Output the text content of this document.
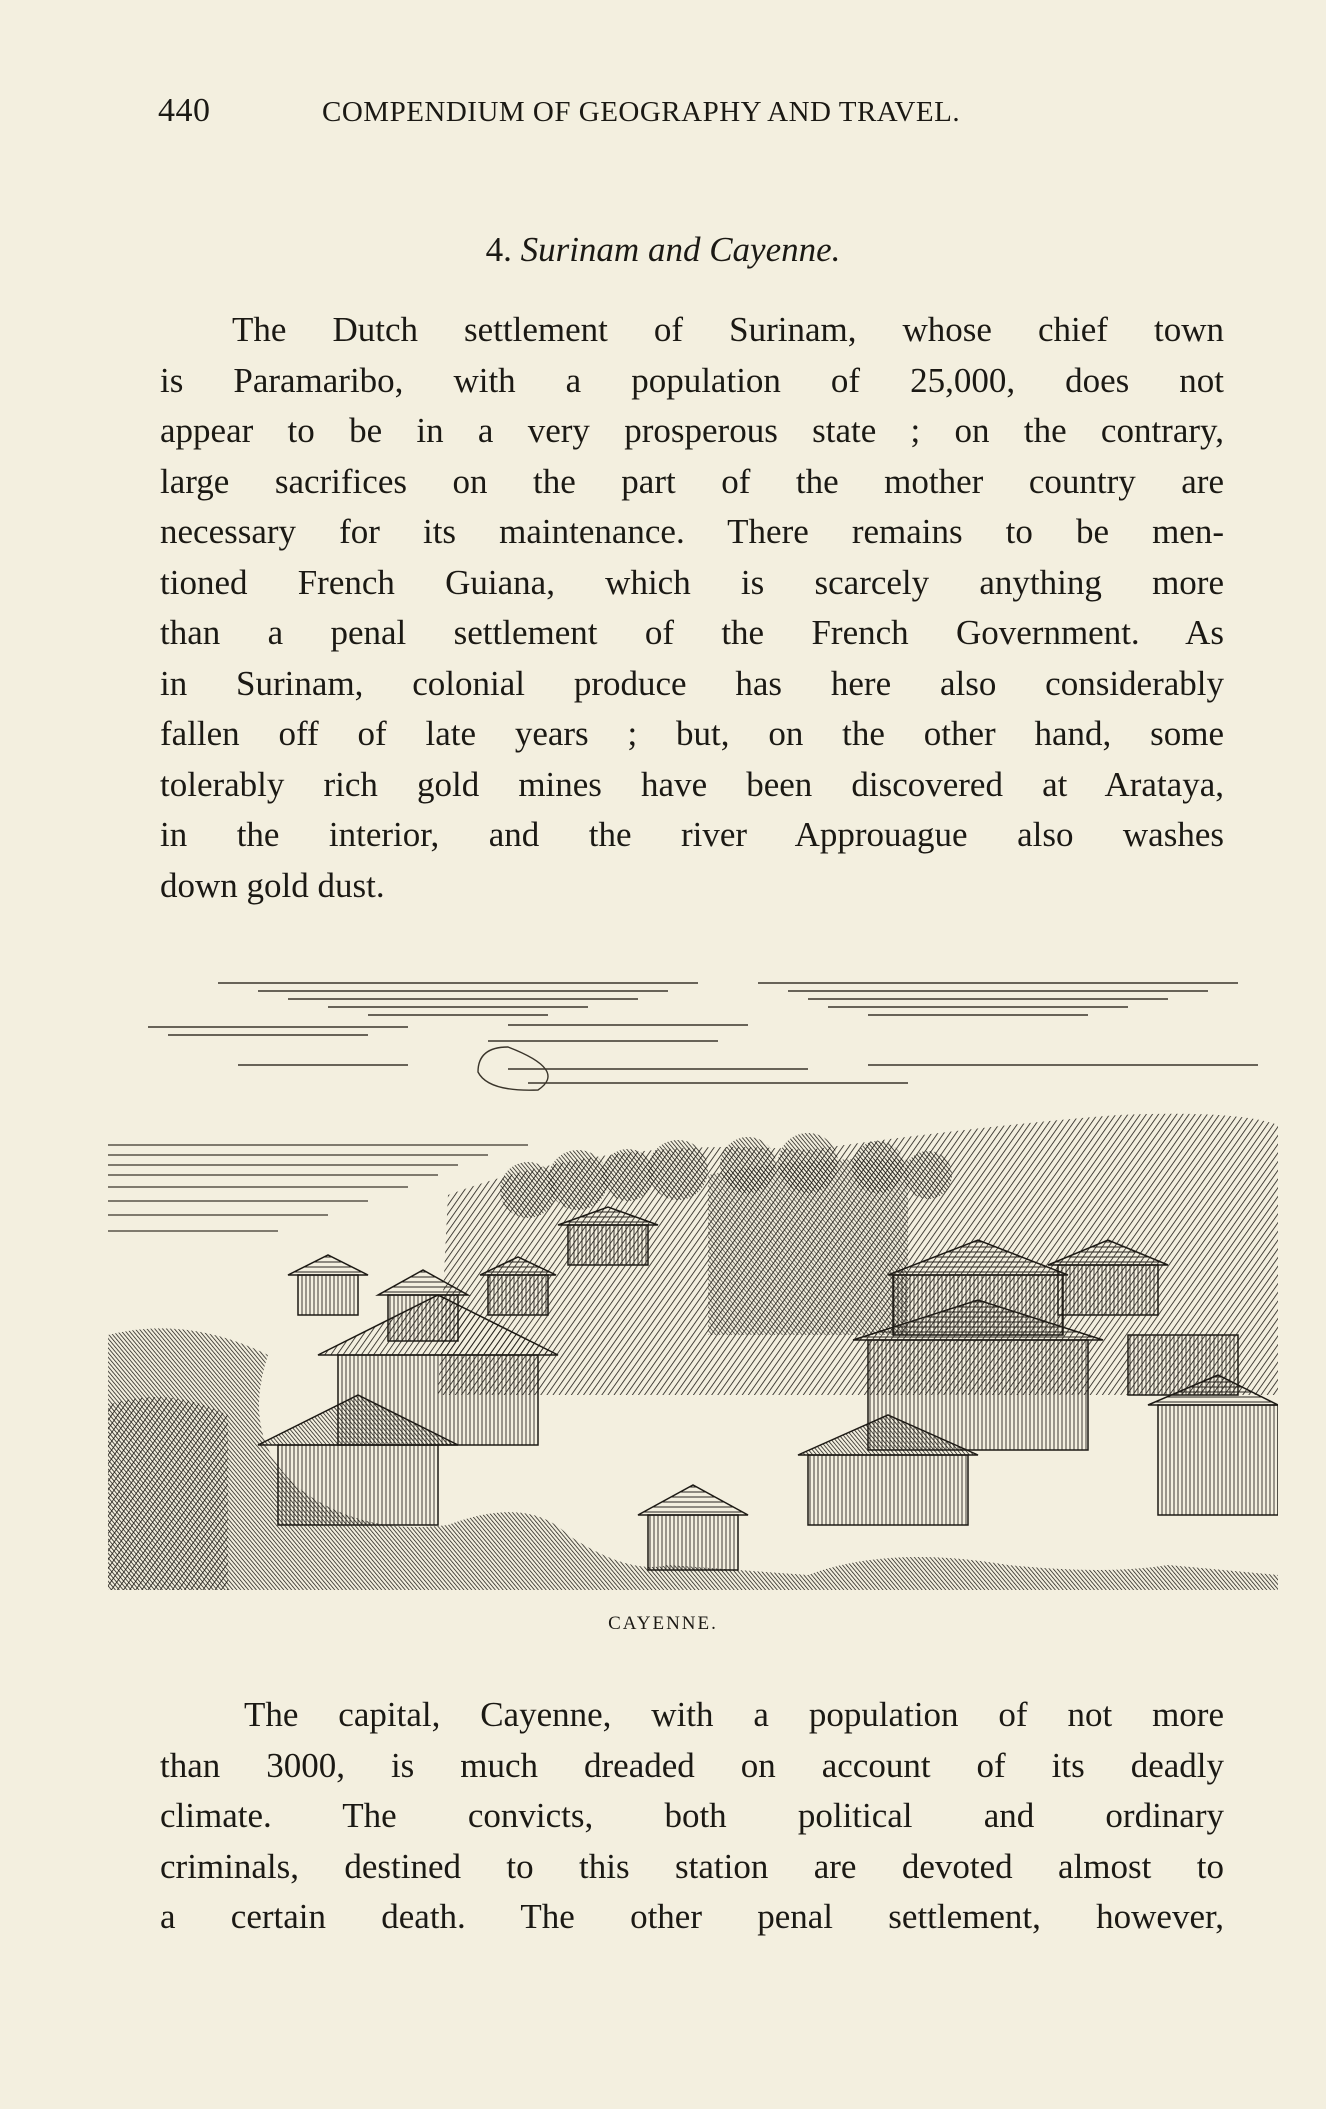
440	COMPENDIUM OF GEOGRAPHY AND TRAVEL.
4. Surinam and Cayenne.
The Dutch settlement of Surinam, whose chief town
is Paramaribo, with a population of 25,000, does not
appear to be in a very prosperous state ; on the contrary,
large sacrifices on the part of the mother country are
necessary for its maintenance. There remains to be men-
tioned French Guiana, which is scarcely anything more
than a penal settlement of the French Government. As
in Surinam, colonial produce has here also considerably
fallen off of late years ; but, on the other hand, some
tolerably rich gold mines have been discovered at Arataya,
in the interior, and the river Approuague also washes
down gold dust.
CAYENNE.
The capital, Cayenne, with a population of not more
than 3000, is much dreaded on account of its deadly
climate. The convicts, both political and ordinary
criminals, destined to this station are devoted almost to
a certain death. The other penal settlement, however,
